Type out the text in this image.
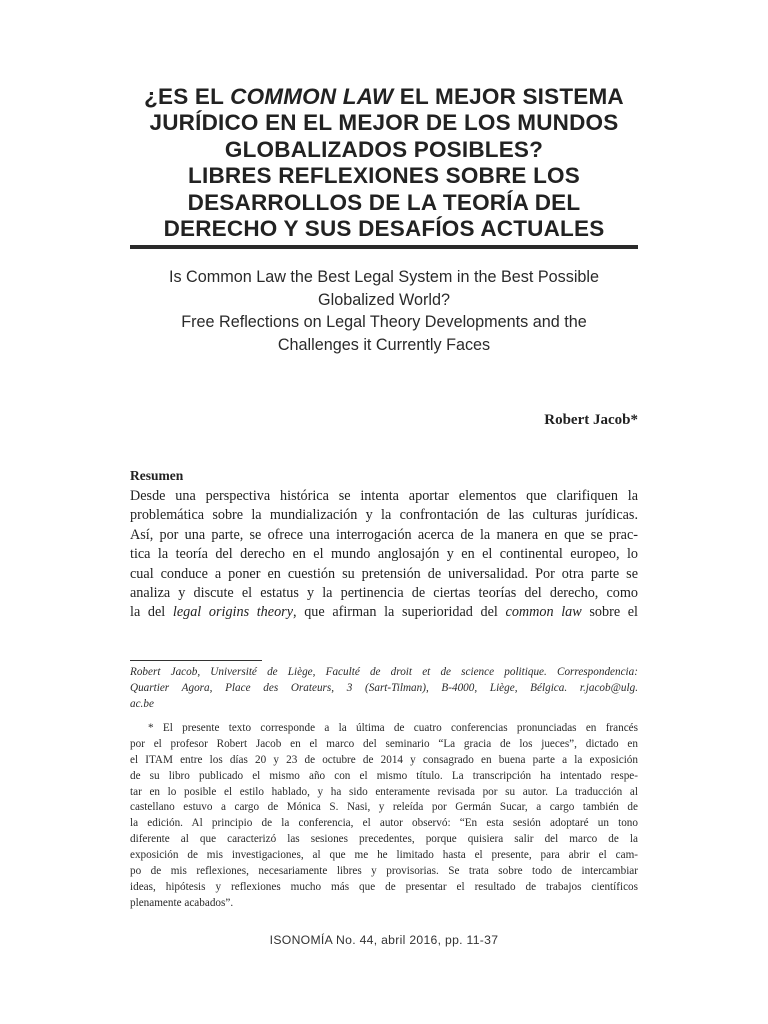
¿ES EL COMMON LAW EL MEJOR SISTEMA
JURÍDICO EN EL MEJOR DE LOS MUNDOS
GLOBALIZADOS POSIBLES?
LIBRES REFLEXIONES SOBRE LOS
DESARROLLOS DE LA TEORÍA DEL
DERECHO Y SUS DESAFÍOS ACTUALES
Is Common Law the Best Legal System in the Best Possible
Globalized World?
Free Reflections on Legal Theory Developments and the
Challenges it Currently Faces
Robert Jacob*
Resumen
Desde una perspectiva histórica se intenta aportar elementos que clarifiquen la
problemática sobre la mundialización y la confrontación de las culturas jurídicas.
Así, por una parte, se ofrece una interrogación acerca de la manera en que se prac-
tica la teoría del derecho en el mundo anglosajón y en el continental europeo, lo
cual conduce a poner en cuestión su pretensión de universalidad. Por otra parte se
analiza y discute el estatus y la pertinencia de ciertas teorías del derecho, como
la del legal origins theory, que afirman la superioridad del common law sobre el
Robert Jacob, Université de Liège, Faculté de droit et de science politique. Correspondencia:
Quartier Agora, Place des Orateurs, 3 (Sart-Tilman), B-4000, Liège, Bélgica. r.jacob@ulg.
ac.be
* El presente texto corresponde a la última de cuatro conferencias pronunciadas en francés
por el profesor Robert Jacob en el marco del seminario “La gracia de los jueces”, dictado en
el ITAM entre los días 20 y 23 de octubre de 2014 y consagrado en buena parte a la exposición
de su libro publicado el mismo año con el mismo título. La transcripción ha intentado respe-
tar en lo posible el estilo hablado, y ha sido enteramente revisada por su autor. La traducción al
castellano estuvo a cargo de Mónica S. Nasi, y releída por Germán Sucar, a cargo también de
la edición. Al principio de la conferencia, el autor observó: “En esta sesión adoptaré un tono
diferente al que caracterizó las sesiones precedentes, porque quisiera salir del marco de la
exposición de mis investigaciones, al que me he limitado hasta el presente, para abrir el cam-
po de mis reflexiones, necesariamente libres y provisorias. Se trata sobre todo de intercambiar
ideas, hipótesis y reflexiones mucho más que de presentar el resultado de trabajos científicos
plenamente acabados”.
ISONOMÍA No. 44, abril 2016, pp. 11-37
